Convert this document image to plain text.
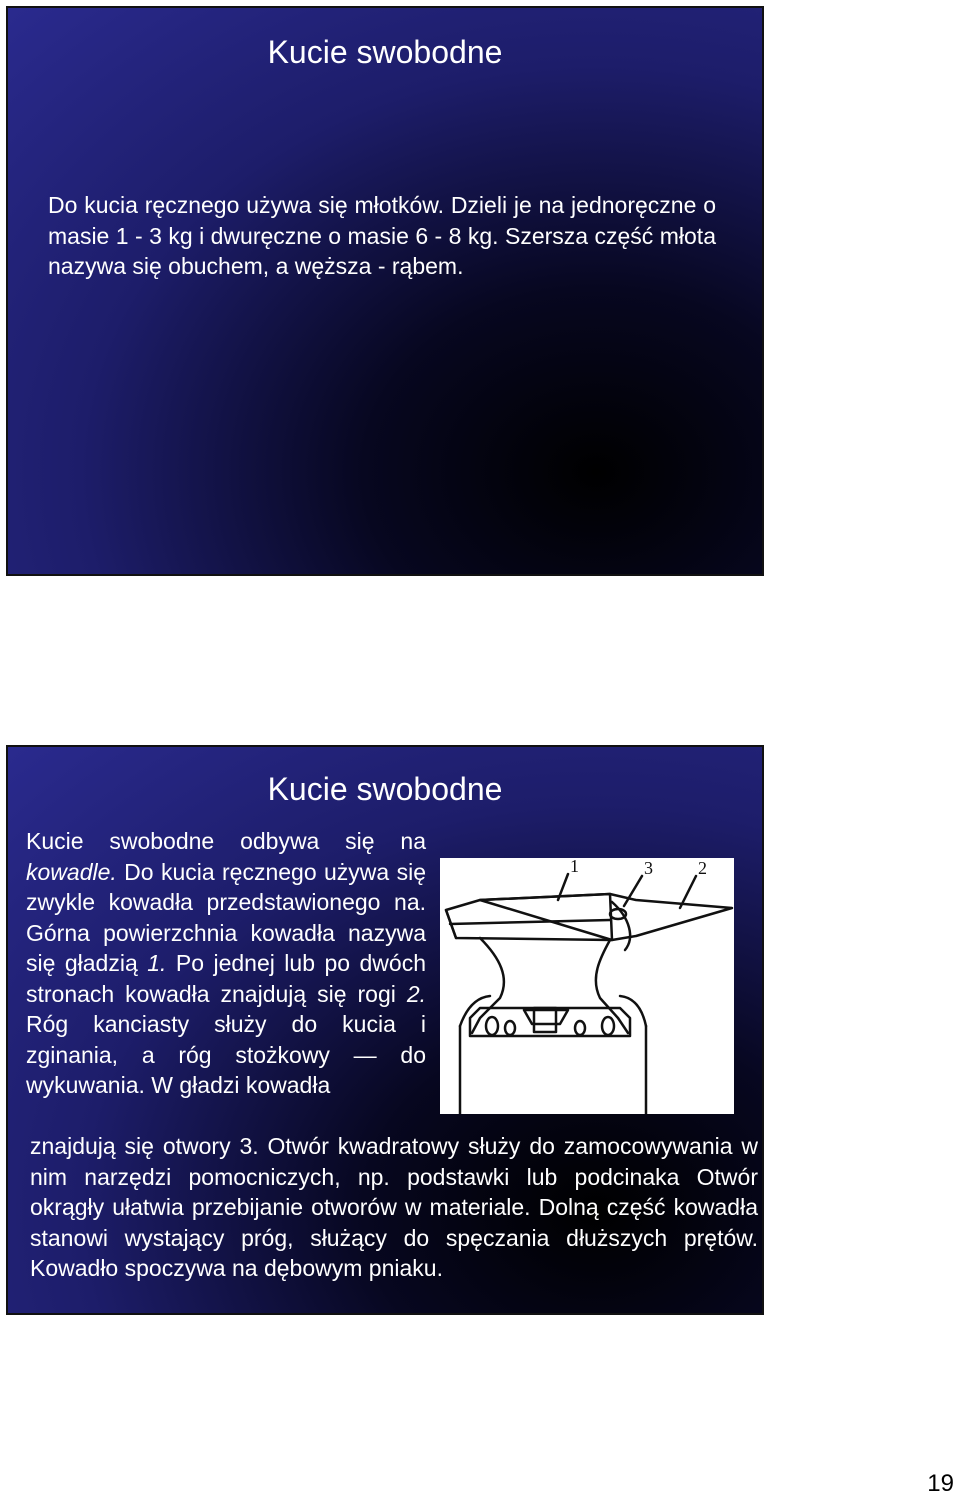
Kucie swobodne
Do kucia ręcznego używa się młotków. Dzieli je na jednoręczne o masie 1 - 3 kg i dwuręczne o masie 6 - 8 kg. Szersza część młota nazywa się obuchem, a węższa - rąbem.
Kucie swobodne
Kucie swobodne odbywa się na kowadle. Do kucia ręcznego używa się zwykle kowadła przedstawionego na. Górna powierzchnia kowadła nazywa się gładzią 1. Po jednej lub po dwóch stronach kowadła znajdują się rogi 2. Róg kanciasty służy do kucia i zginania, a róg stożkowy — do wykuwania. W gładzi kowadła
1	3	2
znajdują się otwory 3. Otwór kwadratowy służy do zamocowywania w nim narzędzi pomocniczych, np. podstawki lub podcinaka Otwór okrągły ułatwia przebijanie otworów w materiale. Dolną część kowadła stanowi wystający próg, służący do spęczania dłuższych prętów. Kowadło spoczywa na dębowym pniaku.
19
